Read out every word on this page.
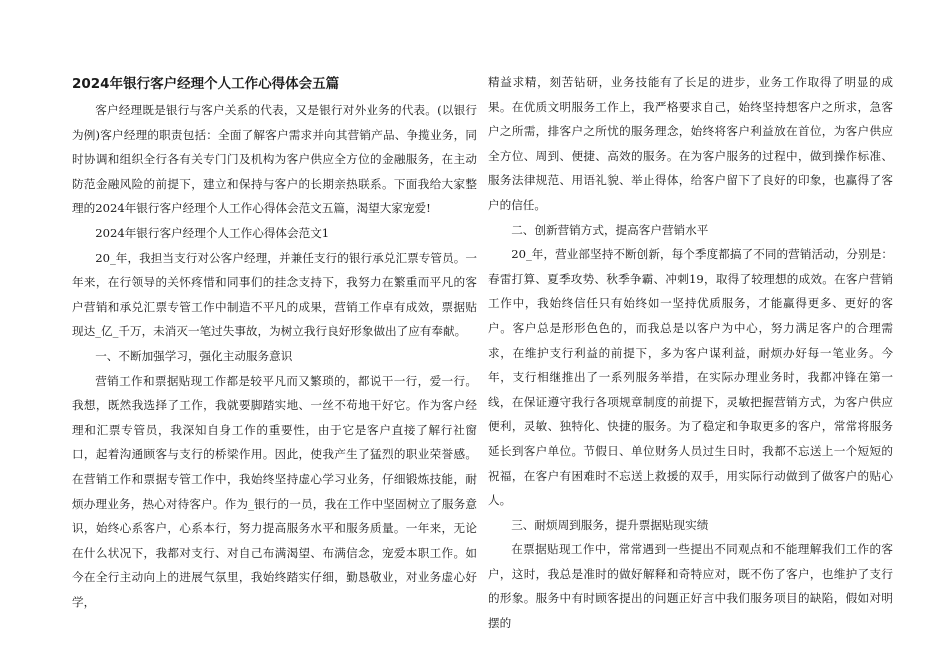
2024年银行客户经理个人工作心得体会五篇

客户经理既是银行与客户关系的代表，又是银行对外业务的代表。(以银行为例)客户经理的职责包括：全面了解客户需求并向其营销产品、争揽业务，同时协调和组织全行各有关专门门及机构为客户供应全方位的金融服务，在主动防范金融风险的前提下，建立和保持与客户的长期亲热联系。下面我给大家整理的2024年银行客户经理个人工作心得体会范文五篇，渴望大家宠爱!

2024年银行客户经理个人工作心得体会范文1

20_年，我担当支行对公客户经理，并兼任支行的银行承兑汇票专管员。一年来，在行领导的关怀疼惜和同事们的挂念支持下，我努力在繁重而平凡的客户营销和承兑汇票专管工作中制造不平凡的成果，营销工作卓有成效，票据贴现达_亿_千万，未消灭一笔过失事故，为树立我行良好形象做出了应有奉献。

一、不断加强学习，强化主动服务意识

营销工作和票据贴现工作都是较平凡而又繁琐的，都说干一行，爱一行。我想，既然我选择了工作，我就要脚踏实地、一丝不苟地干好它。作为客户经理和汇票专管员，我深知自身工作的重要性，由于它是客户直接了解行社窗口，起着沟通顾客与支行的桥梁作用。因此，使我产生了猛烈的职业荣誉感。在营销工作和票据专管工作中，我始终坚持虚心学习业务，仔细锻炼技能，耐烦办理业务，热心对待客户。作为_银行的一员，我在工作中坚固树立了服务意识，始终心系客户，心系本行，努力提高服务水平和服务质量。一年来，无论在什么状况下，我都对支行、对自己布满渴望、布满信念，宠爱本职工作。如今在全行主动向上的进展气氛里，我始终踏实仔细，勤恳敬业，对业务虚心好学，

精益求精，刻苦钻研，业务技能有了长足的进步，业务工作取得了明显的成果。在优质文明服务工作上，我严格要求自己，始终坚持想客户之所求，急客户之所需，排客户之所忧的服务理念，始终将客户利益放在首位，为客户供应全方位、周到、便捷、高效的服务。在为客户服务的过程中，做到操作标准、服务法律规范、用语礼貌、举止得体，给客户留下了良好的印象，也赢得了客户的信任。

二、创新营销方式，提高客户营销水平

20_年，营业部坚持不断创新，每个季度都搞了不同的营销活动，分别是：春雷打算、夏季攻势、秋季争霸、冲刺19，取得了较理想的成效。在客户营销工作中，我始终信任只有始终如一坚持优质服务，才能赢得更多、更好的客户。客户总是形形色色的，而我总是以客户为中心，努力满足客户的合理需求，在维护支行利益的前提下，多为客户谋利益，耐烦办好每一笔业务。今年，支行相继推出了一系列服务举措，在实际办理业务时，我都冲锋在第一线，在保证遵守我行各项规章制度的前提下，灵敏把握营销方式，为客户供应便利，灵敏、独特化、快捷的服务。为了稳定和争取更多的客户，常常将服务延长到客户单位。节假日、单位财务人员过生日时，我都不忘送上一个短短的祝福，在客户有困难时不忘送上救援的双手，用实际行动做到了做客户的贴心人。

三、耐烦周到服务，提升票据贴现实绩

在票据贴现工作中，常常遇到一些提出不同观点和不能理解我们工作的客户，这时，我总是准时的做好解释和奇特应对，既不伤了客户，也维护了支行的形象。服务中有时顾客提出的问题正好言中我们服务项目的缺陷，假如对明摆的
